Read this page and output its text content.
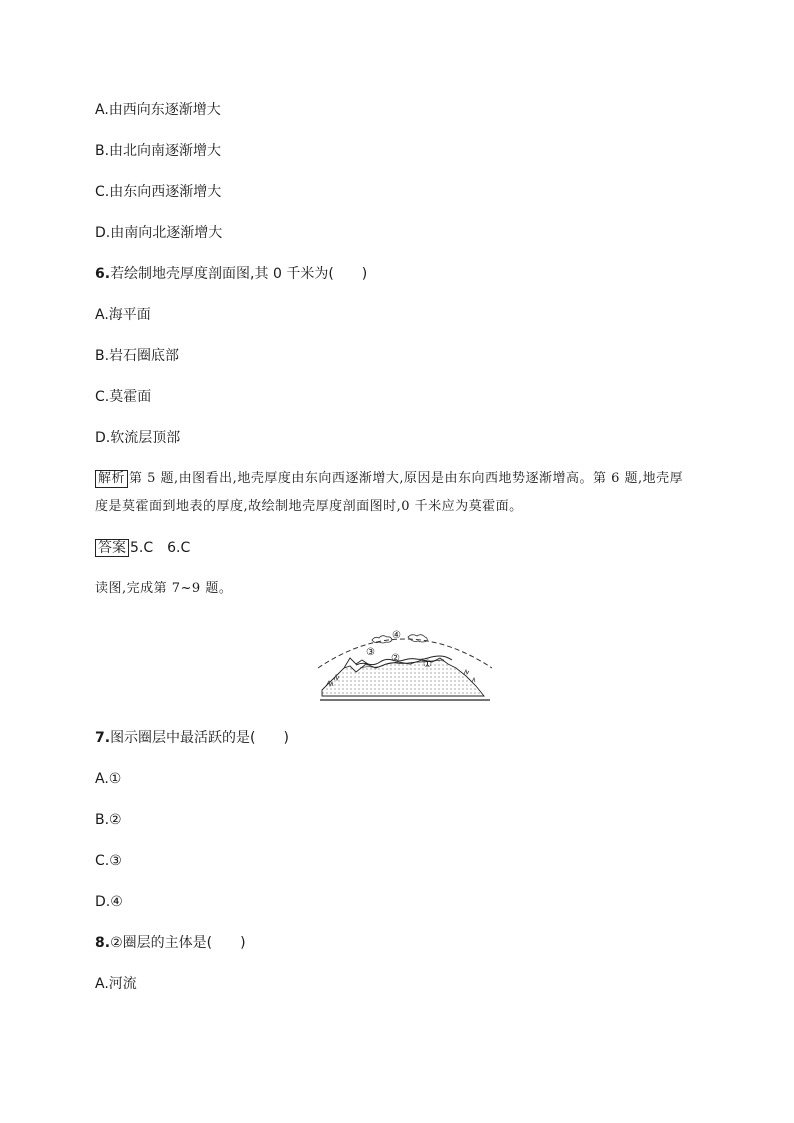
A.由西向东逐渐增大
B.由北向南逐渐增大
C.由东向西逐渐增大
D.由南向北逐渐增大
6.若绘制地壳厚度剖面图,其 0 千米为(　　)
A.海平面
B.岩石圈底部
C.莫霍面
D.软流层顶部
解析 第 5 题,由图看出,地壳厚度由东向西逐渐增大,原因是由东向西地势逐渐增高。第 6 题,地壳厚
度是莫霍面到地表的厚度,故绘制地壳厚度剖面图时,0 千米应为莫霍面。
答案 5.C　6.C
读图,完成第 7~9 题。
①
②
③
④
7.图示圈层中最活跃的是(　　)
A.①
B.②
C.③
D.④
8.②圈层的主体是(　　)
A.河流
